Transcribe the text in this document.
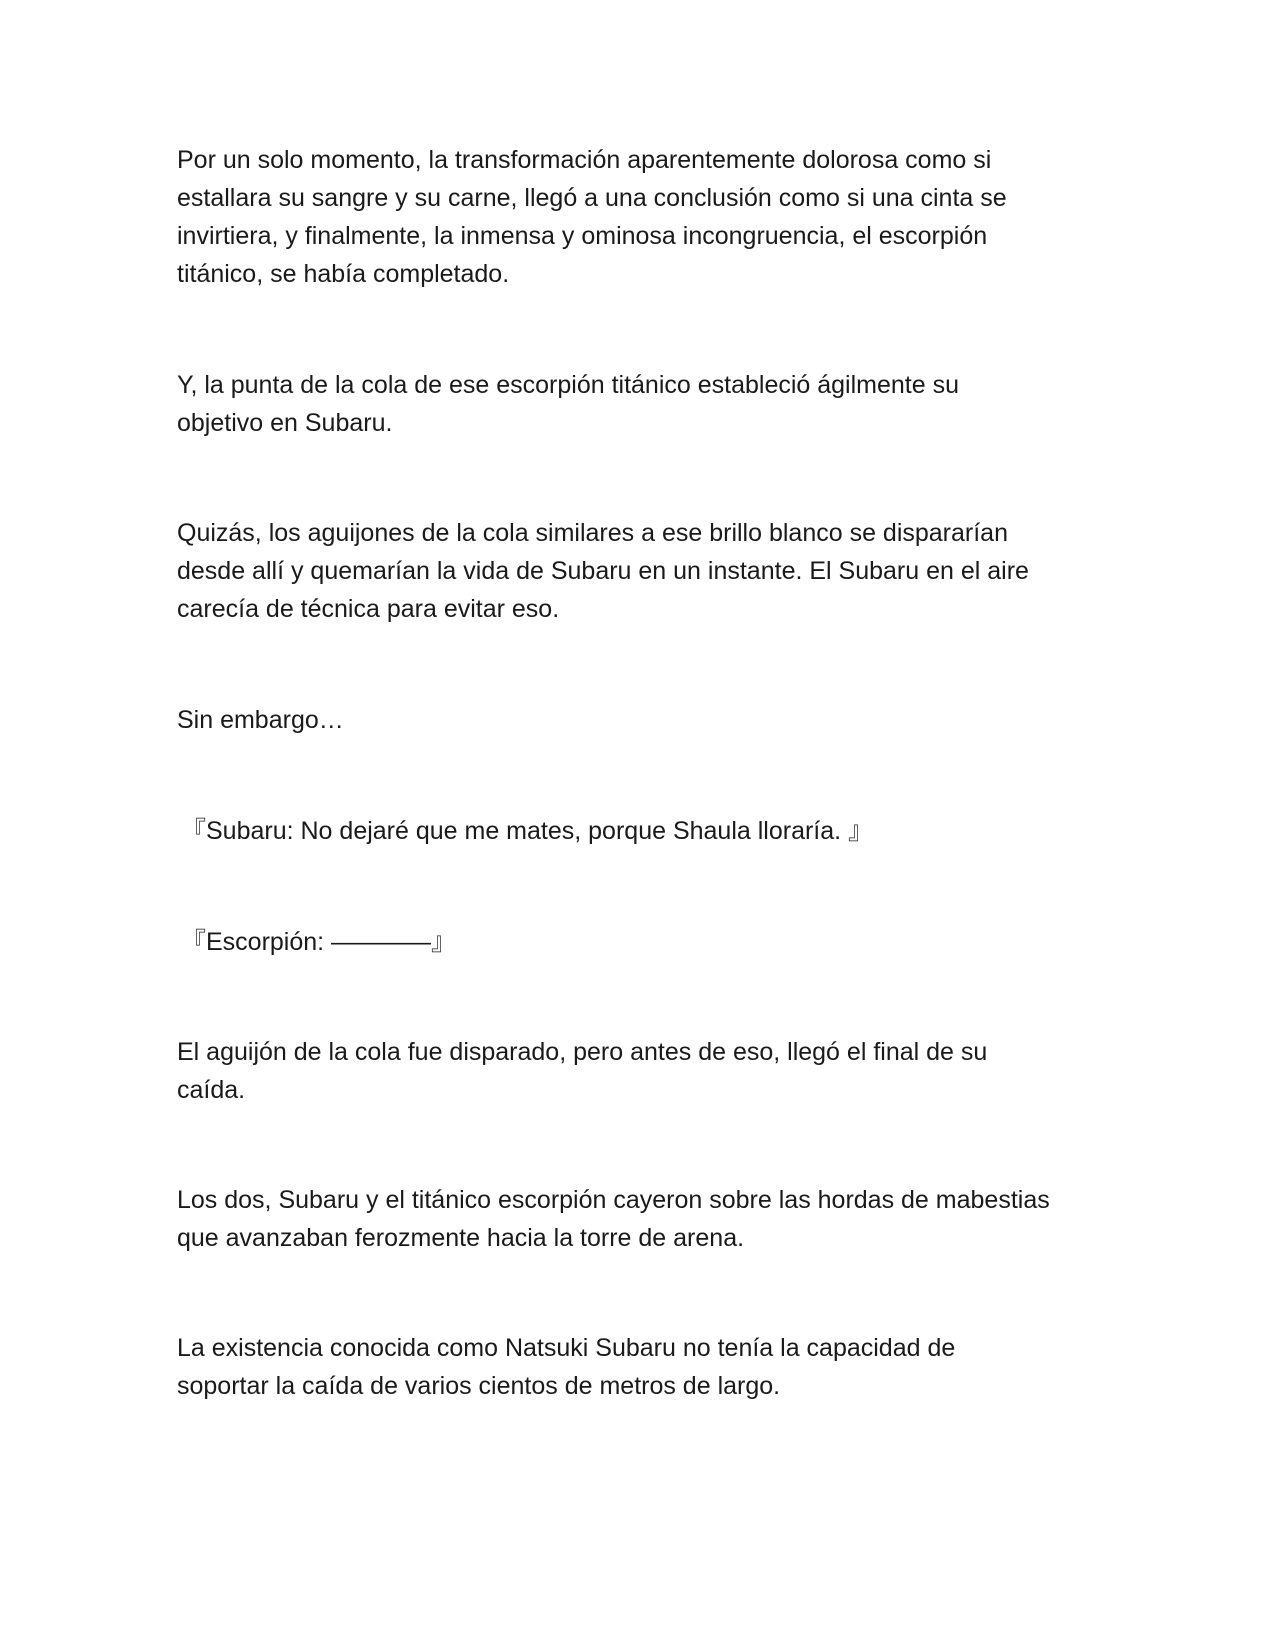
Por un solo momento, la transformación aparentemente dolorosa como si
estallara su sangre y su carne, llegó a una conclusión como si una cinta se
invirtiera, y finalmente, la inmensa y ominosa incongruencia, el escorpión
titánico, se había completado.

Y, la punta de la cola de ese escorpión titánico estableció ágilmente su
objetivo en Subaru.

Quizás, los aguijones de la cola similares a ese brillo blanco se dispararían
desde allí y quemarían la vida de Subaru en un instante. El Subaru en el aire
carecía de técnica para evitar eso.

Sin embargo…

『Subaru: No dejaré que me mates, porque Shaula lloraría. 』

『Escorpión: ————』

El aguijón de la cola fue disparado, pero antes de eso, llegó el final de su
caída.

Los dos, Subaru y el titánico escorpión cayeron sobre las hordas de mabestias
que avanzaban ferozmente hacia la torre de arena.

La existencia conocida como Natsuki Subaru no tenía la capacidad de
soportar la caída de varios cientos de metros de largo.
